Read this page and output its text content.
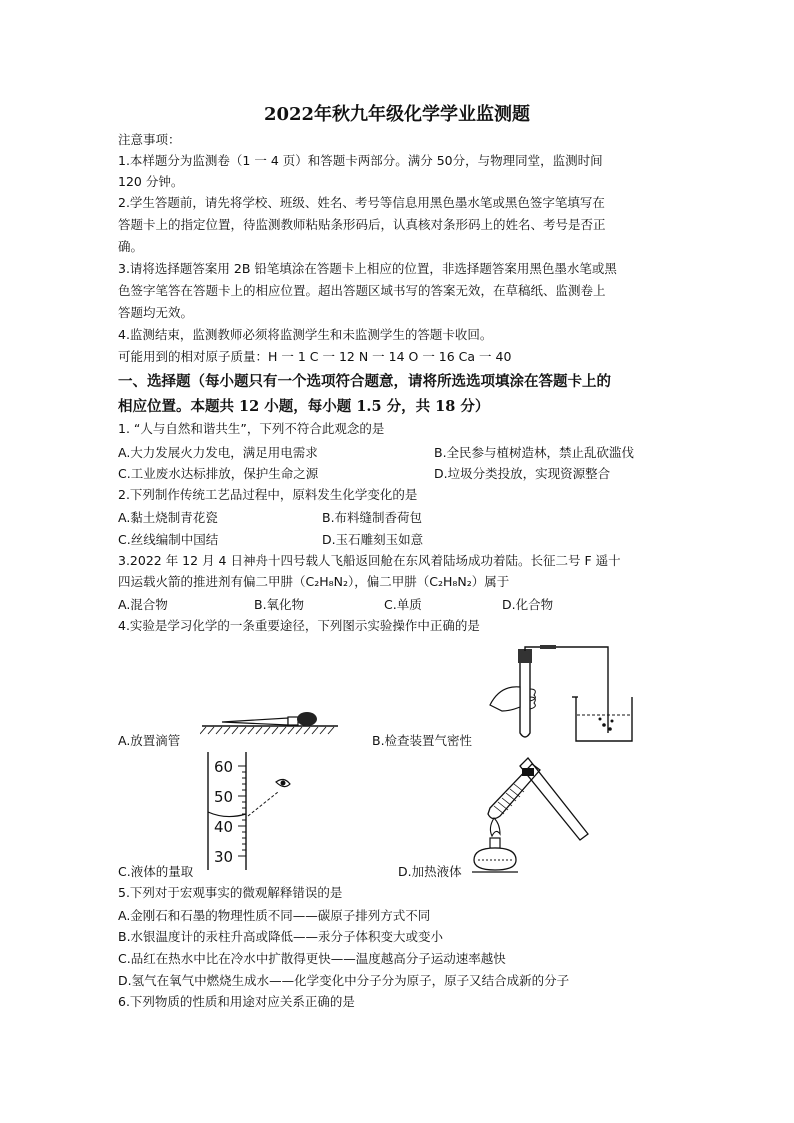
2022年秋九年级化学学业监测题
注意事项：
1.本样题分为监测卷（1 一 4 页）和答题卡两部分。满分 50分，与物理同堂，监测时间
120 分钟。
2.学生答题前，请先将学校、班级、姓名、考号等信息用黑色墨水笔或黑色签字笔填写在
答题卡上的指定位置，待监测教师粘贴条形码后，认真核对条形码上的姓名、考号是否正
确。
3.请将选择题答案用 2B 铅笔填涂在答题卡上相应的位置，非选择题答案用黑色墨水笔或黑
色签字笔答在答题卡上的相应位置。超出答题区域书写的答案无效，在草稿纸、监测卷上
答题均无效。
4.监测结束，监测教师必须将监测学生和未监测学生的答题卡收回。
可能用到的相对原子质量：H 一 1 C 一 12 N 一 14 O 一 16 Ca 一 40
一、选择题（每小题只有一个选项符合题意，请将所选选项填涂在答题卡上的
相应位置。本题共 12 小题，每小题 1.5 分，共 18 分）
1. “人与自然和谐共生”，下列不符合此观念的是
A.大力发展火力发电，满足用电需求	B.全民参与植树造林，禁止乱砍滥伐
C.工业废水达标排放，保护生命之源	D.垃圾分类投放，实现资源整合
2.下列制作传统工艺品过程中，原料发生化学变化的是
A.黏土烧制青花瓷	B.布料缝制香荷包
C.丝线编制中国结	D.玉石雕刻玉如意
3.2022 年 12 月 4 日神舟十四号载人飞船返回舱在东风着陆场成功着陆。长征二号 F 遥十
四运载火箭的推进剂有偏二甲肼（C₂H₈N₂），偏二甲肼（C₂H₈N₂）属于
A.混合物	B.氧化物	C.单质	D.化合物
4.实验是学习化学的一条重要途径，下列图示实验操作中正确的是
A.放置滴管	B.检查装置气密性
60
50
40
30
C.液体的量取	D.加热液体
5.下列对于宏观事实的微观解释错误的是
A.金刚石和石墨的物理性质不同——碳原子排列方式不同
B.水银温度计的汞柱升高或降低——汞分子体积变大或变小
C.品红在热水中比在冷水中扩散得更快——温度越高分子运动速率越快
D.氢气在氧气中燃烧生成水——化学变化中分子分为原子，原子又结合成新的分子
6.下列物质的性质和用途对应关系正确的是
